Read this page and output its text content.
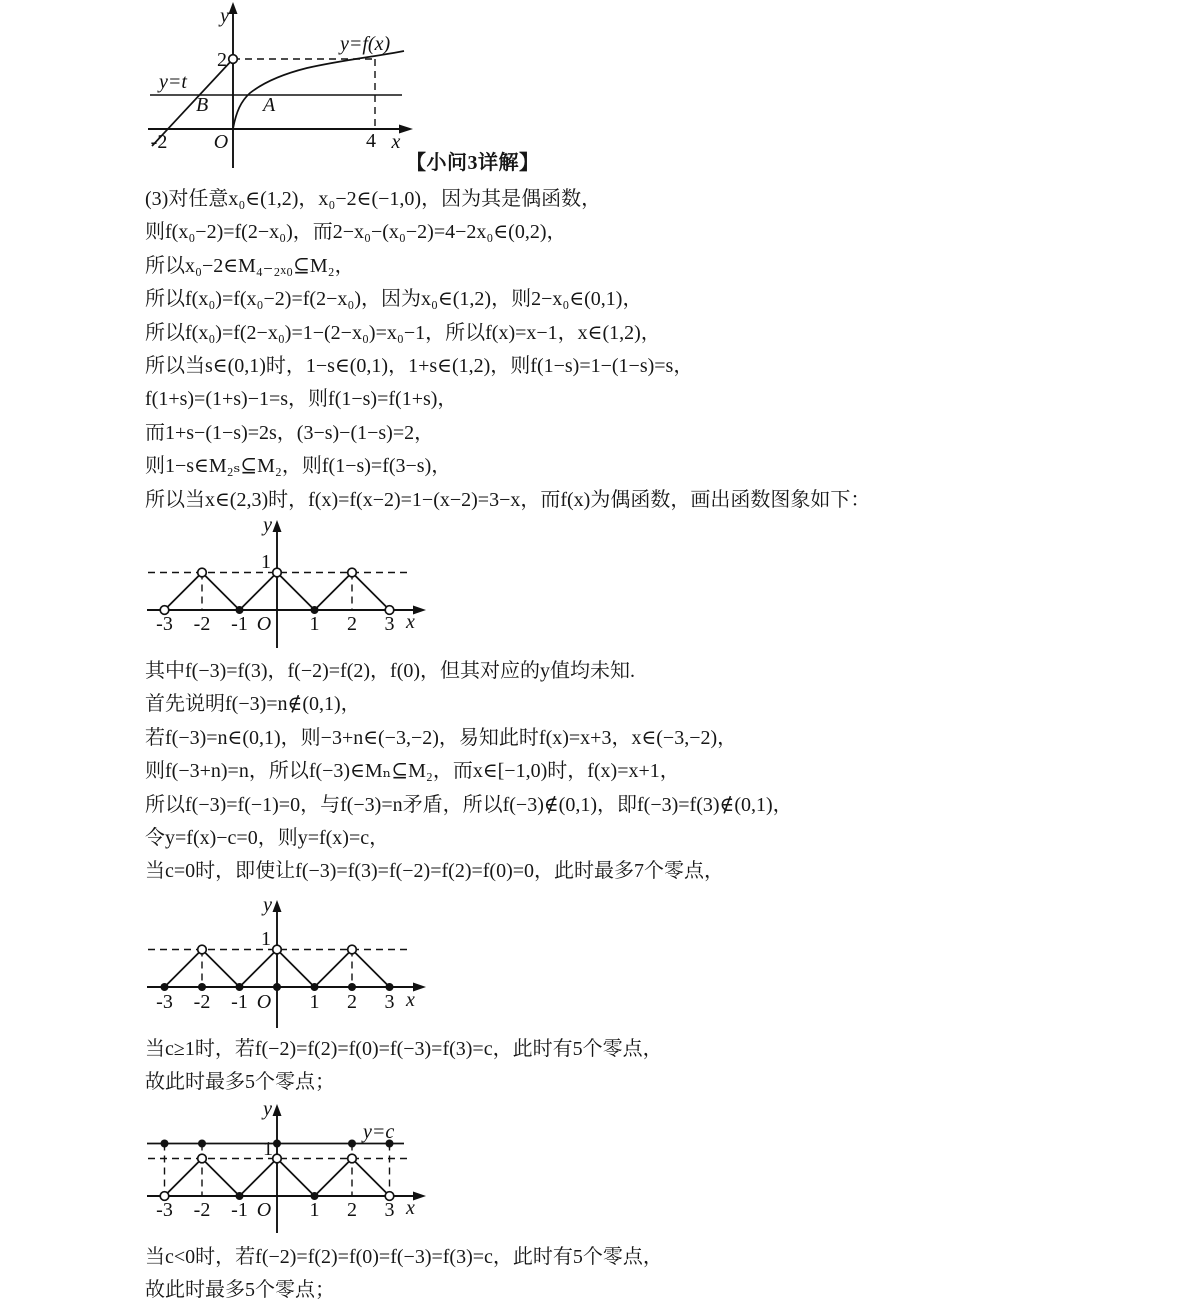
y
2
y=f(x)
y=t
B	A
-2 O	4 x
【小问3详解】
(3)对任意x₀∈(1,2)，x₀−2∈(−1,0)，因为其是偶函数，
则f(x₀−2)=f(2−x₀)，而2−x₀−(x₀−2)=4−2x₀∈(0,2)，
所以x₀−2∈M₄₋₂ₓ₀⊆M₂，
所以f(x₀)=f(x₀−2)=f(2−x₀)，因为x₀∈(1,2)，则2−x₀∈(0,1)，
所以f(x₀)=f(2−x₀)=1−(2−x₀)=x₀−1，所以f(x)=x−1，x∈(1,2)，
所以当s∈(0,1)时，1−s∈(0,1)，1+s∈(1,2)，则f(1−s)=1−(1−s)=s，
f(1+s)=(1+s)−1=s，则f(1−s)=f(1+s)，
而1+s−(1−s)=2s，(3−s)−(1−s)=2，
则1−s∈M₂ₛ⊆M₂，则f(1−s)=f(3−s)，
所以当x∈(2,3)时，f(x)=f(x−2)=1−(x−2)=3−x，而f(x)为偶函数，画出函数图象如下：
y
1
-3 -2 -1 O 1 2 3 x
其中f(−3)=f(3)，f(−2)=f(2)，f(0)，但其对应的y值均未知.
首先说明f(−3)=n∉(0,1)，
若f(−3)=n∈(0,1)，则−3+n∈(−3,−2)，易知此时f(x)=x+3，x∈(−3,−2)，
则f(−3+n)=n，所以f(−3)∈Mₙ⊆M₂，而x∈[−1,0)时，f(x)=x+1，
所以f(−3)=f(−1)=0，与f(−3)=n矛盾，所以f(−3)∉(0,1)，即f(−3)=f(3)∉(0,1)，
令y=f(x)−c=0，则y=f(x)=c，
当c=0时，即使让f(−3)=f(3)=f(−2)=f(2)=f(0)=0，此时最多7个零点，
y
1
-3 -2 -1 O 1 2 3 x
当c≥1时，若f(−2)=f(2)=f(0)=f(−3)=f(3)=c，此时有5个零点，
故此时最多5个零点；
y
y=c
1
-3 -2 -1 O 1 2 3 x
当c<0时，若f(−2)=f(2)=f(0)=f(−3)=f(3)=c，此时有5个零点，
故此时最多5个零点；
